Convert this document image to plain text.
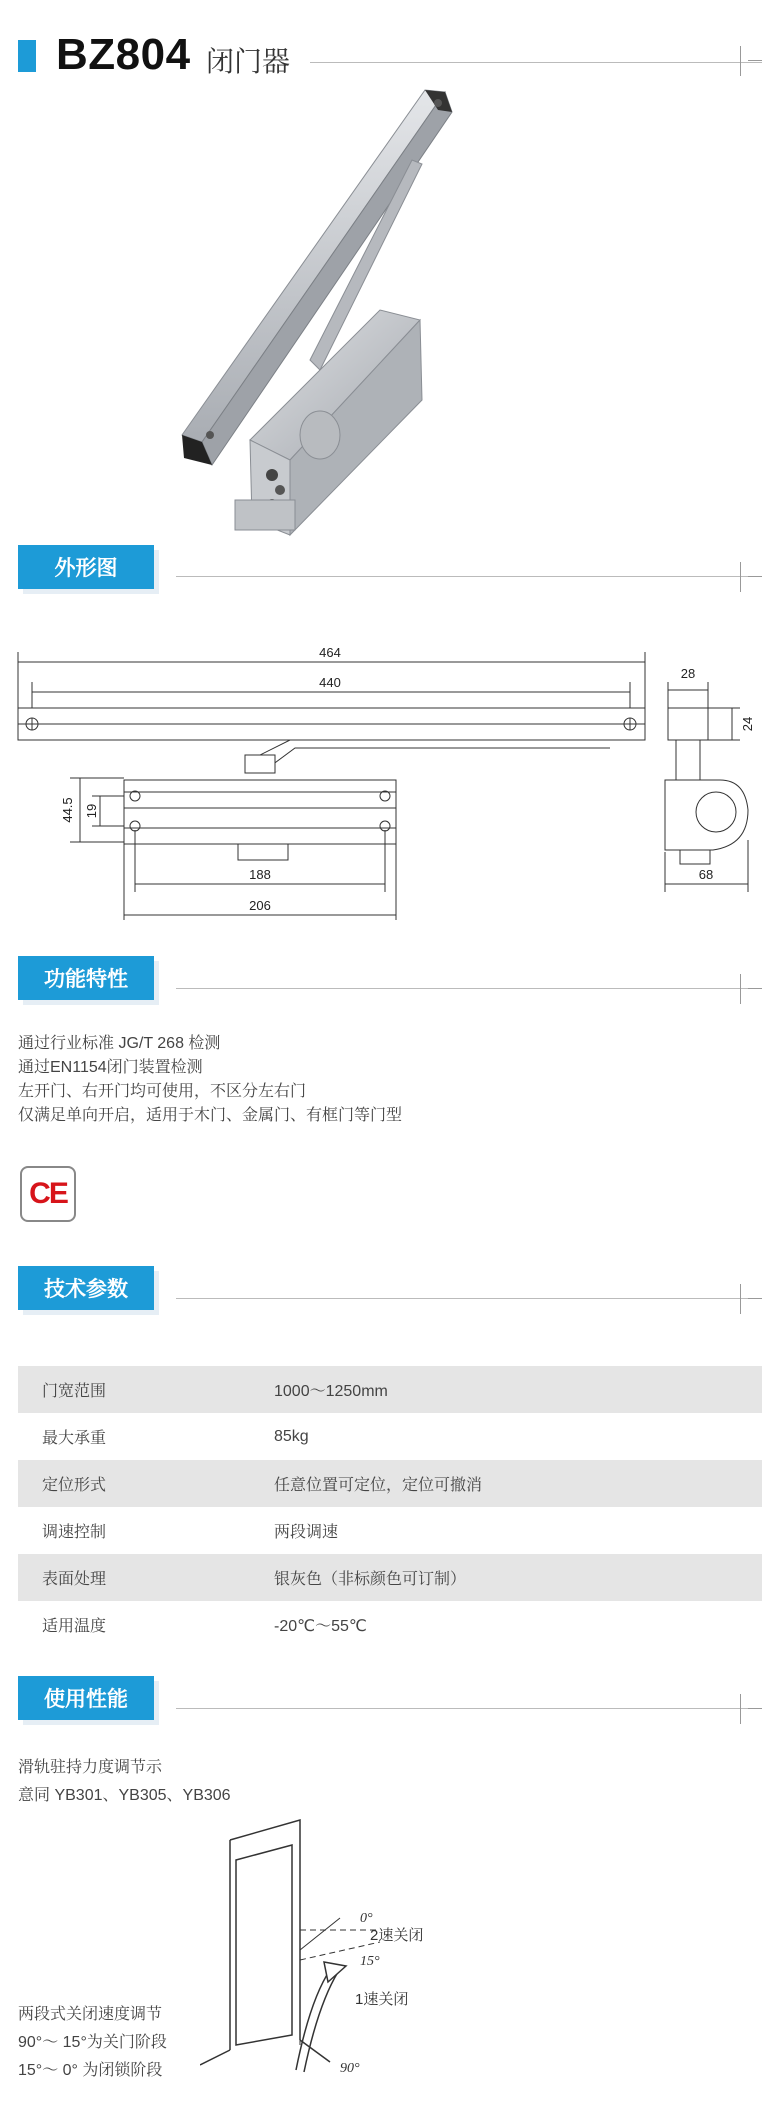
BZ804 闭门器
外形图
464
440
28
24
44.5 19
188
206
68
功能特性
通过行业标准 JG/T 268 检测
通过EN1154闭门装置检测
左开门、右开门均可使用，不区分左右门
仅满足单向开启，适用于木门、金属门、有框门等门型
CE
技术参数
门宽范围	1000～1250mm
最大承重	85kg
定位形式	任意位置可定位，定位可撤消
调速控制	两段调速
表面处理	银灰色（非标颜色可订制）
适用温度	-20℃～55℃
使用性能
滑轨驻持力度调节示
意同 YB301、YB305、YB306
两段式关闭速度调节
90°～ 15°为关门阶段
15°～ 0° 为闭锁阶段
0°
15°
90°
2速关闭
1速关闭
